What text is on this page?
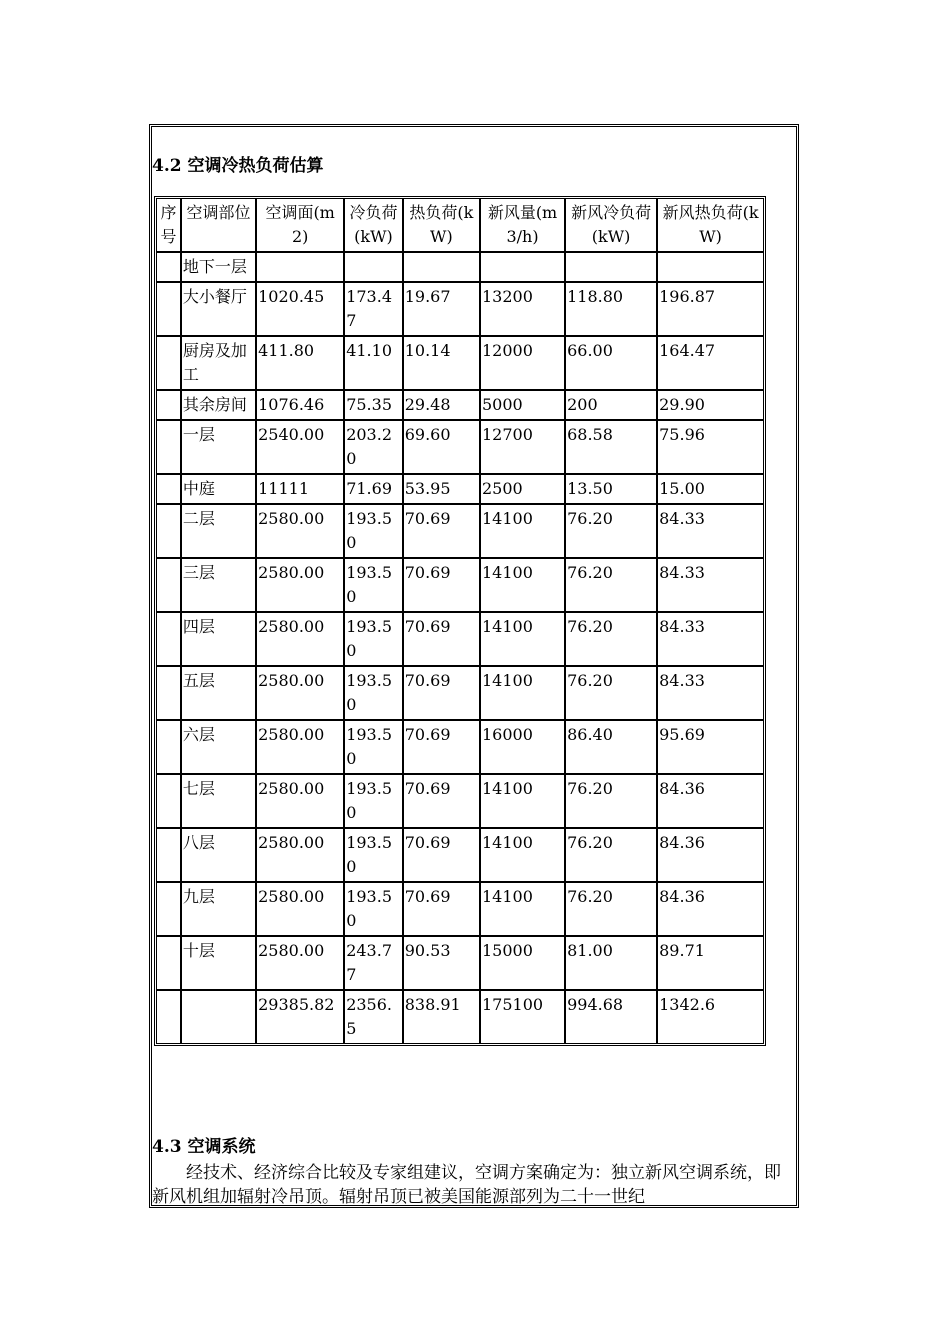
4.2 空调冷热负荷估算
序号	空调部位	空调面(m2)	冷负荷(kW)	热负荷(kW)	新风量(m3/h)	新风冷负荷(kW)	新风热负荷(kW)
	地下一层						
	大小餐厅	1020.45	173.47	19.67	13200	118.80	196.87
	厨房及加工	411.80	41.10	10.14	12000	66.00	164.47
	其余房间	1076.46	75.35	29.48	5000	200	29.90
	一层	2540.00	203.20	69.60	12700	68.58	75.96
	中庭	11111	71.69	53.95	2500	13.50	15.00
	二层	2580.00	193.50	70.69	14100	76.20	84.33
	三层	2580.00	193.50	70.69	14100	76.20	84.33
	四层	2580.00	193.50	70.69	14100	76.20	84.33
	五层	2580.00	193.50	70.69	14100	76.20	84.33
	六层	2580.00	193.50	70.69	16000	86.40	95.69
	七层	2580.00	193.50	70.69	14100	76.20	84.36
	八层	2580.00	193.50	70.69	14100	76.20	84.36
	九层	2580.00	193.50	70.69	14100	76.20	84.36
	十层	2580.00	243.77	90.53	15000	81.00	89.71
		29385.82	2356.5	838.91	175100	994.68	1342.6
4.3 空调系统
经技术、经济综合比较及专家组建议，空调方案确定为：独立新风空调系统，即新风机组加辐射冷吊顶。辐射吊顶已被美国能源部列为二十一世纪
